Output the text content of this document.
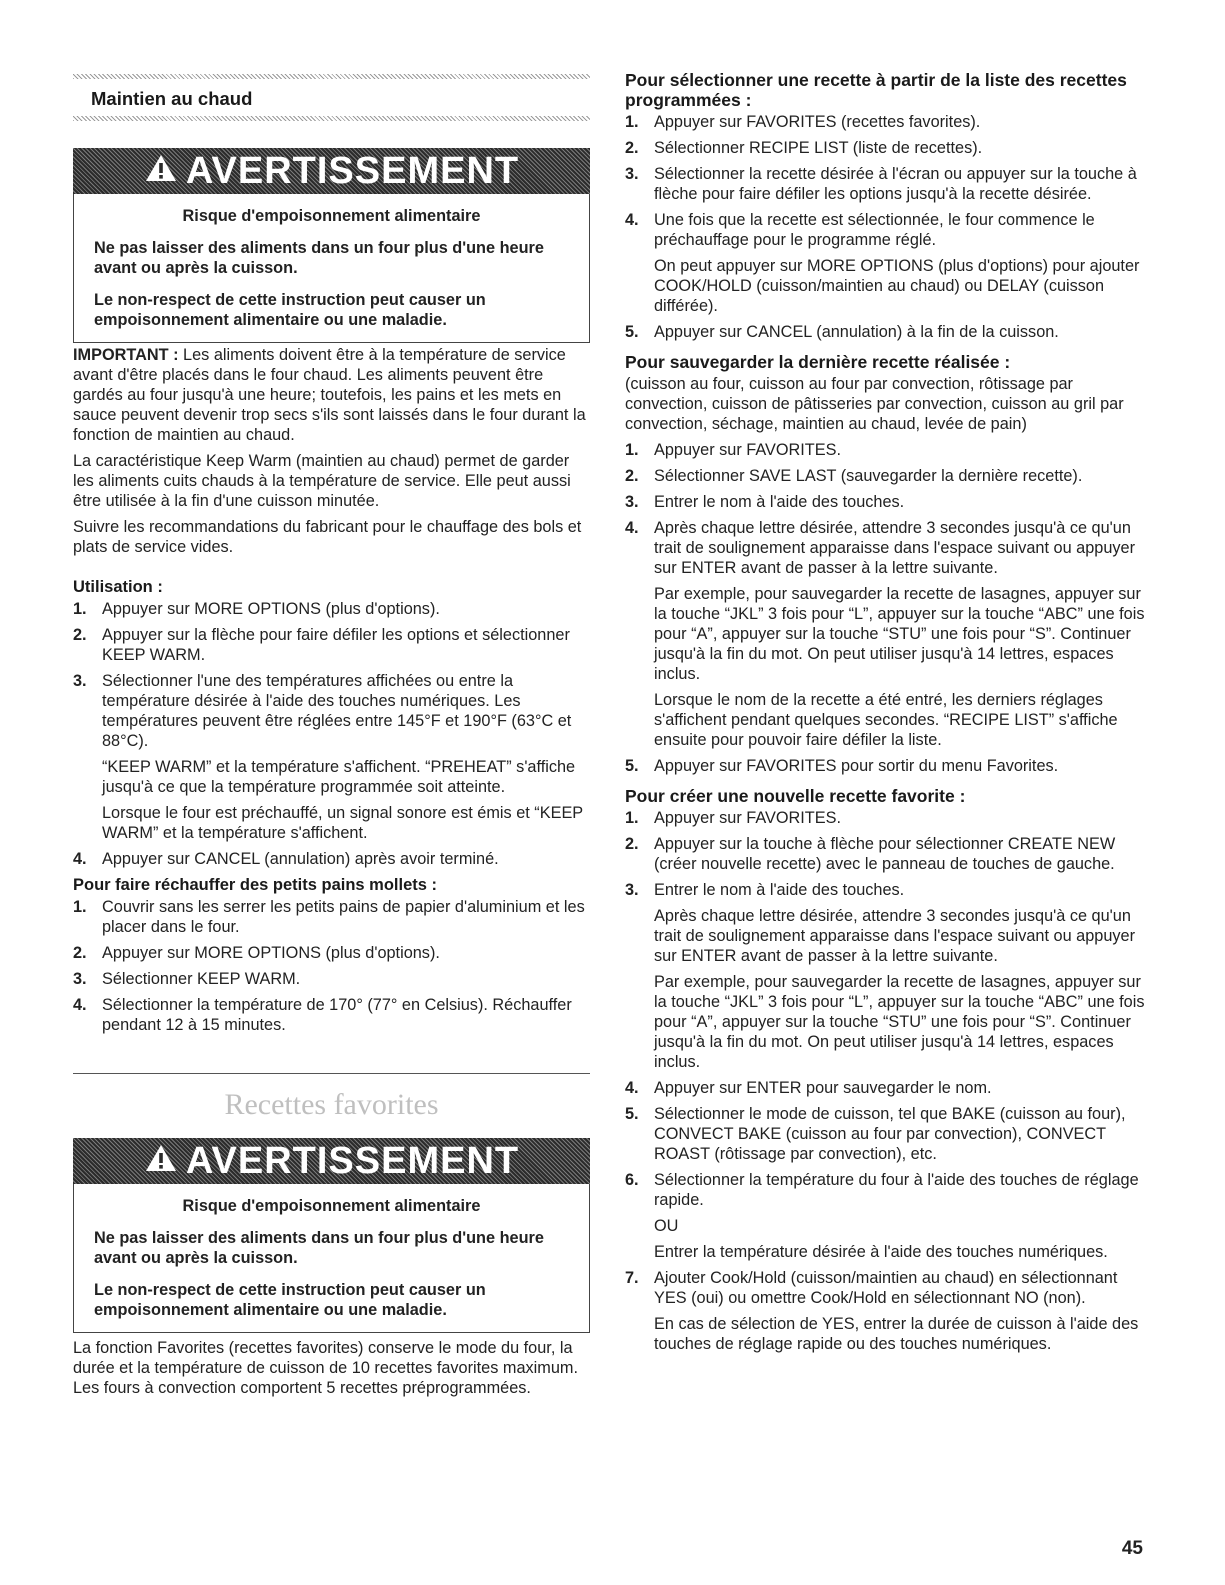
Maintien au chaud
AVERTISSEMENT
Risque d'empoisonnement alimentaire
Ne pas laisser des aliments dans un four plus d'une heure avant ou après la cuisson.
Le non-respect de cette instruction peut causer un empoisonnement alimentaire ou une maladie.

IMPORTANT : Les aliments doivent être à la température de service avant d'être placés dans le four chaud. Les aliments peuvent être gardés au four jusqu'à une heure; toutefois, les pains et les mets en sauce peuvent devenir trop secs s'ils sont laissés dans le four durant la fonction de maintien au chaud.

La caractéristique Keep Warm (maintien au chaud) permet de garder les aliments cuits chauds à la température de service. Elle peut aussi être utilisée à la fin d'une cuisson minutée.

Suivre les recommandations du fabricant pour le chauffage des bols et plats de service vides.

Utilisation :
1. Appuyer sur MORE OPTIONS (plus d'options).
2. Appuyer sur la flèche pour faire défiler les options et sélectionner KEEP WARM.
3. Sélectionner l'une des températures affichées ou entre la température désirée à l'aide des touches numériques. Les températures peuvent être réglées entre 145°F et 190°F (63°C et 88°C).

“KEEP WARM” et la température s'affichent. “PREHEAT” s'affiche jusqu'à ce que la température programmée soit atteinte.

Lorsque le four est préchauffé, un signal sonore est émis et “KEEP WARM” et la température s'affichent.

4. Appuyer sur CANCEL (annulation) après avoir terminé.
Pour faire réchauffer des petits pains mollets :
1. Couvrir sans les serrer les petits pains de papier d'aluminium et les placer dans le four.
2. Appuyer sur MORE OPTIONS (plus d'options).
3. Sélectionner KEEP WARM.
4. Sélectionner la température de 170° (77° en Celsius). Réchauffer pendant 12 à 15 minutes.
Recettes favorites
AVERTISSEMENT
Risque d'empoisonnement alimentaire
Ne pas laisser des aliments dans un four plus d'une heure avant ou après la cuisson.
Le non-respect de cette instruction peut causer un empoisonnement alimentaire ou une maladie.

La fonction Favorites (recettes favorites) conserve le mode du four, la durée et la température de cuisson de 10 recettes favorites maximum. Les fours à convection comportent 5 recettes préprogrammées.

Pour sélectionner une recette à partir de la liste des recettes programmées :
1. Appuyer sur FAVORITES (recettes favorites).
2. Sélectionner RECIPE LIST (liste de recettes).
3. Sélectionner la recette désirée à l'écran ou appuyer sur la touche à flèche pour faire défiler les options jusqu'à la recette désirée.
4. Une fois que la recette est sélectionnée, le four commence le préchauffage pour le programme réglé.

On peut appuyer sur MORE OPTIONS (plus d'options) pour ajouter COOK/HOLD (cuisson/maintien au chaud) ou DELAY (cuisson différée).

5. Appuyer sur CANCEL (annulation) à la fin de la cuisson.
Pour sauvegarder la dernière recette réalisée :

(cuisson au four, cuisson au four par convection, rôtissage par convection, cuisson de pâtisseries par convection, cuisson au gril par convection, séchage, maintien au chaud, levée de pain)

1. Appuyer sur FAVORITES.
2. Sélectionner SAVE LAST (sauvegarder la dernière recette).
3. Entrer le nom à l'aide des touches.
4. Après chaque lettre désirée, attendre 3 secondes jusqu'à ce qu'un trait de soulignement apparaisse dans l'espace suivant ou appuyer sur ENTER avant de passer à la lettre suivante.

Par exemple, pour sauvegarder la recette de lasagnes, appuyer sur la touche “JKL” 3 fois pour “L”, appuyer sur la touche “ABC” une fois pour “A”, appuyer sur la touche “STU” une fois pour “S”. Continuer jusqu'à la fin du mot. On peut utiliser jusqu'à 14 lettres, espaces inclus.

Lorsque le nom de la recette a été entré, les derniers réglages s'affichent pendant quelques secondes. “RECIPE LIST” s'affiche ensuite pour pouvoir faire défiler la liste.

5. Appuyer sur FAVORITES pour sortir du menu Favorites.
Pour créer une nouvelle recette favorite :
1. Appuyer sur FAVORITES.
2. Appuyer sur la touche à flèche pour sélectionner CREATE NEW (créer nouvelle recette) avec le panneau de touches de gauche.
3. Entrer le nom à l'aide des touches.

Après chaque lettre désirée, attendre 3 secondes jusqu'à ce qu'un trait de soulignement apparaisse dans l'espace suivant ou appuyer sur ENTER avant de passer à la lettre suivante.

Par exemple, pour sauvegarder la recette de lasagnes, appuyer sur la touche “JKL” 3 fois pour “L”, appuyer sur la touche “ABC” une fois pour “A”, appuyer sur la touche “STU” une fois pour “S”. Continuer jusqu'à la fin du mot. On peut utiliser jusqu'à 14 lettres, espaces inclus.

4. Appuyer sur ENTER pour sauvegarder le nom.
5. Sélectionner le mode de cuisson, tel que BAKE (cuisson au four), CONVECT BAKE (cuisson au four par convection), CONVECT ROAST (rôtissage par convection), etc.
6. Sélectionner la température du four à l'aide des touches de réglage rapide.

OU

Entrer la température désirée à l'aide des touches numériques.

7. Ajouter Cook/Hold (cuisson/maintien au chaud) en sélectionnant YES (oui) ou omettre Cook/Hold en sélectionnant NO (non).

En cas de sélection de YES, entrer la durée de cuisson à l'aide des touches de réglage rapide ou des touches numériques.

45
